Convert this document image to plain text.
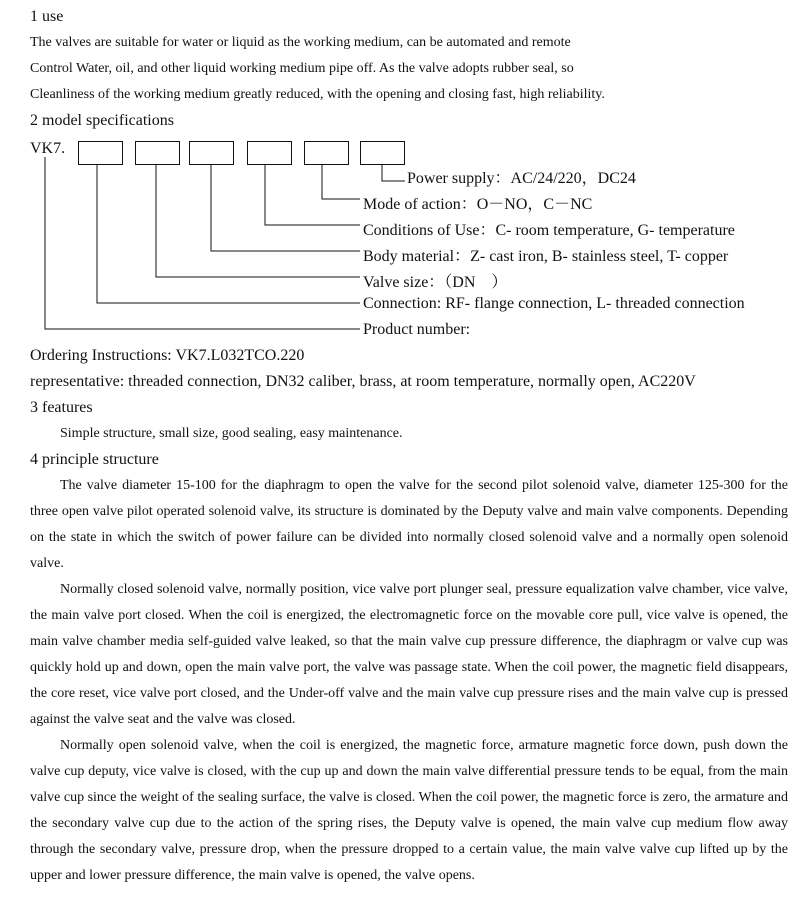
1 use
The valves are suitable for water or liquid as the working medium, can be automated and remote
Control Water, oil, and other liquid working medium pipe off. As the valve adopts rubber seal, so
Cleanliness of the working medium greatly reduced, with the opening and closing fast, high reliability.
2 model specifications
VK7.
Power supply：AC/24/220，DC24
Mode of action：O－NO，C－NC
Conditions of Use：C- room temperature, G- temperature
Body material：Z- cast iron, B- stainless steel, T- copper
Valve size：（DN　）
Connection: RF- flange connection, L- threaded connection
Product number:
Ordering Instructions: VK7.L032TCO.220
representative: threaded connection, DN32 caliber, brass, at room temperature, normally open, AC220V
3 features
Simple structure, small size, good sealing, easy maintenance.
4 principle structure

The valve diameter 15-100 for the diaphragm to open the valve for the second pilot solenoid valve, diameter 125-300 for the three open valve pilot operated solenoid valve, its structure is dominated by the Deputy valve and main valve components. Depending on the state in which the switch of power failure can be divided into normally closed solenoid valve and a normally open solenoid valve.

Normally closed solenoid valve, normally position, vice valve port plunger seal, pressure equalization valve chamber, vice valve, the main valve port closed. When the coil is energized, the electromagnetic force on the movable core pull, vice valve is opened, the main valve chamber media self-guided valve leaked, so that the main valve cup pressure difference, the diaphragm or valve cup was quickly hold up and down, open the main valve port, the valve was passage state. When the coil power, the magnetic field disappears, the core reset, vice valve port closed, and the Under-off valve and the main valve cup pressure rises and the main valve cup is pressed against the valve seat and the valve was closed.

Normally open solenoid valve, when the coil is energized, the magnetic force, armature magnetic force down, push down the valve cup deputy, vice valve is closed, with the cup up and down the main valve differential pressure tends to be equal, from the main valve cup since the weight of the sealing surface, the valve is closed. When the coil power, the magnetic force is zero, the armature and the secondary valve cup due to the action of the spring rises, the Deputy valve is opened, the main valve cup medium flow away through the secondary valve, pressure drop, when the pressure dropped to a certain value, the main valve valve cup lifted up by the upper and lower pressure difference, the main valve is opened, the valve opens.
